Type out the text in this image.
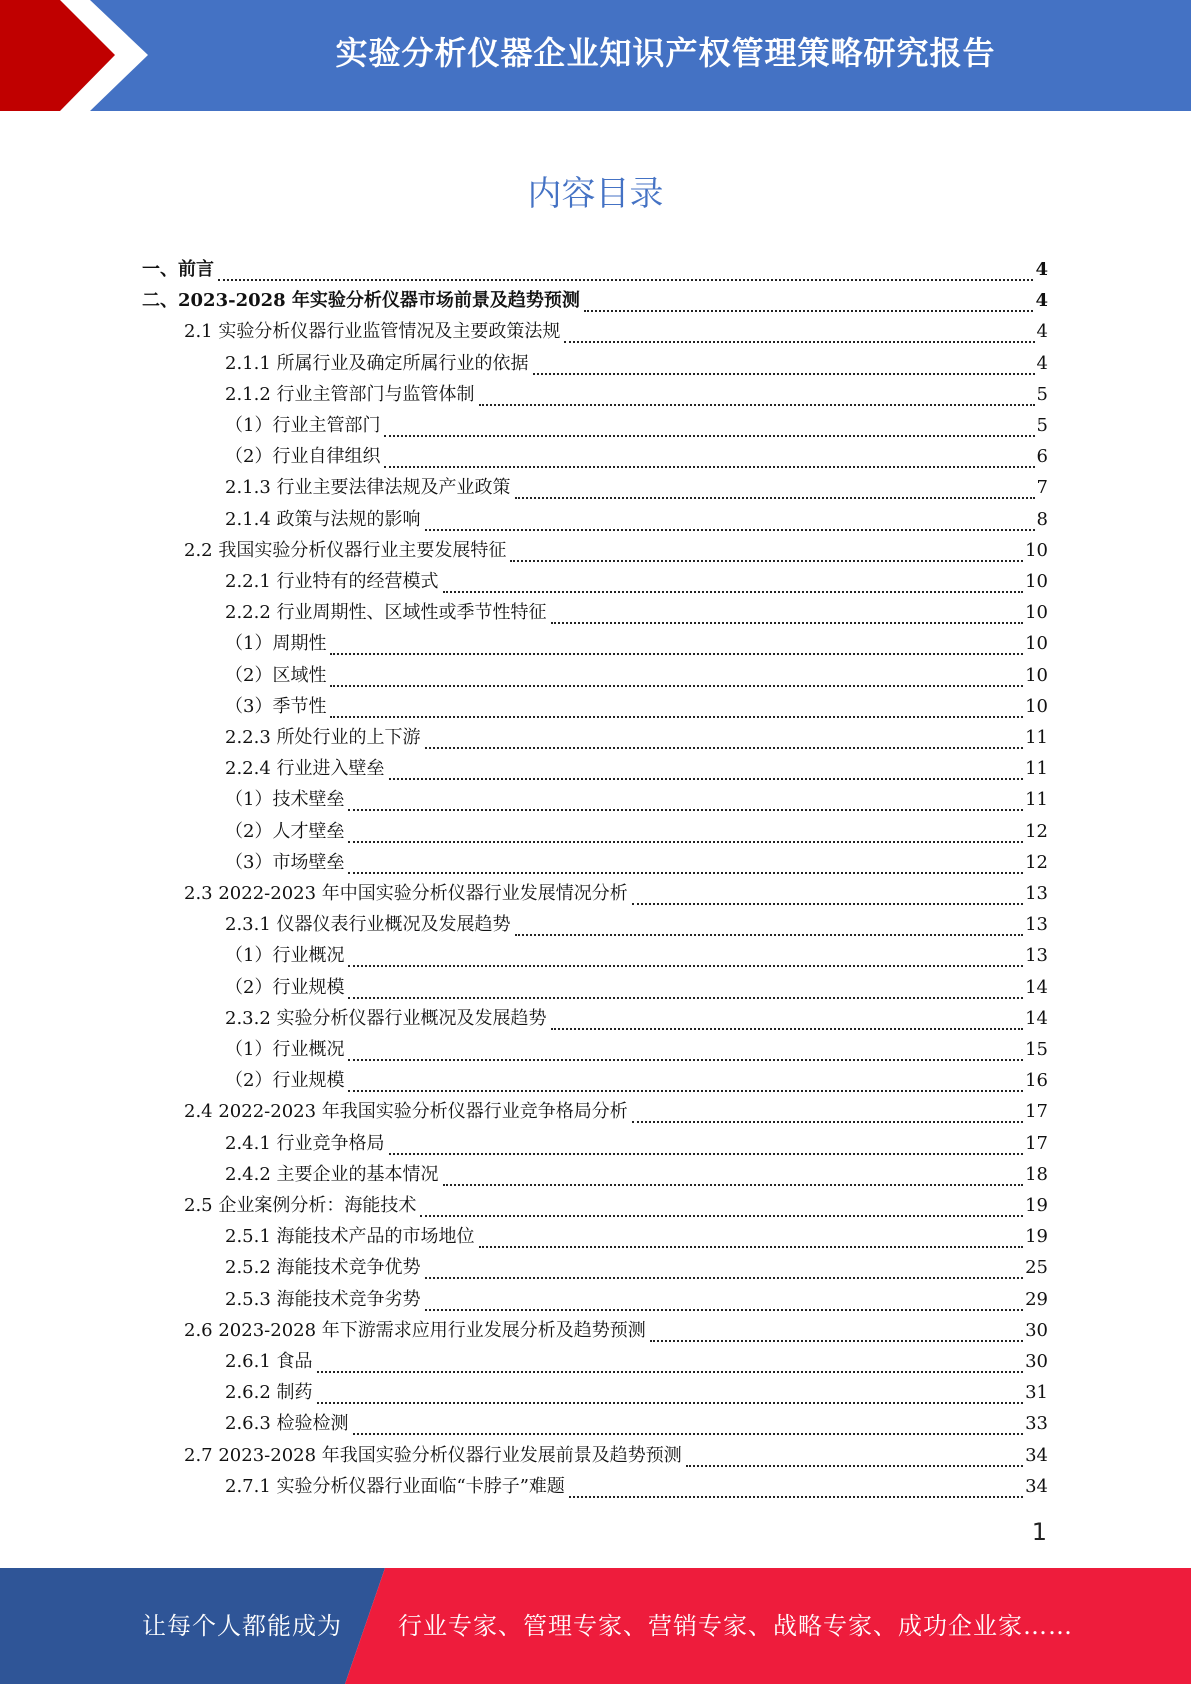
实验分析仪器企业知识产权管理策略研究报告
内容目录
一、前言	4
二、2023-2028 年实验分析仪器市场前景及趋势预测	4
2.1 实验分析仪器行业监管情况及主要政策法规	4
2.1.1 所属行业及确定所属行业的依据	4
2.1.2 行业主管部门与监管体制	5
（1）行业主管部门	5
（2）行业自律组织	6
2.1.3 行业主要法律法规及产业政策	7
2.1.4 政策与法规的影响	8
2.2 我国实验分析仪器行业主要发展特征	10
2.2.1 行业特有的经营模式	10
2.2.2 行业周期性、区域性或季节性特征	10
（1）周期性	10
（2）区域性	10
（3）季节性	10
2.2.3 所处行业的上下游	11
2.2.4 行业进入壁垒	11
（1）技术壁垒	11
（2）人才壁垒	12
（3）市场壁垒	12
2.3 2022-2023 年中国实验分析仪器行业发展情况分析	13
2.3.1 仪器仪表行业概况及发展趋势	13
（1）行业概况	13
（2）行业规模	14
2.3.2 实验分析仪器行业概况及发展趋势	14
（1）行业概况	15
（2）行业规模	16
2.4 2022-2023 年我国实验分析仪器行业竞争格局分析	17
2.4.1 行业竞争格局	17
2.4.2 主要企业的基本情况	18
2.5 企业案例分析：海能技术	19
2.5.1 海能技术产品的市场地位	19
2.5.2 海能技术竞争优势	25
2.5.3 海能技术竞争劣势	29
2.6 2023-2028 年下游需求应用行业发展分析及趋势预测	30
2.6.1 食品	30
2.6.2 制药	31
2.6.3 检验检测	33
2.7 2023-2028 年我国实验分析仪器行业发展前景及趋势预测	34
2.7.1 实验分析仪器行业面临“卡脖子”难题	34
1
让每个人都能成为 行业专家、管理专家、营销专家、战略专家、成功企业家……
